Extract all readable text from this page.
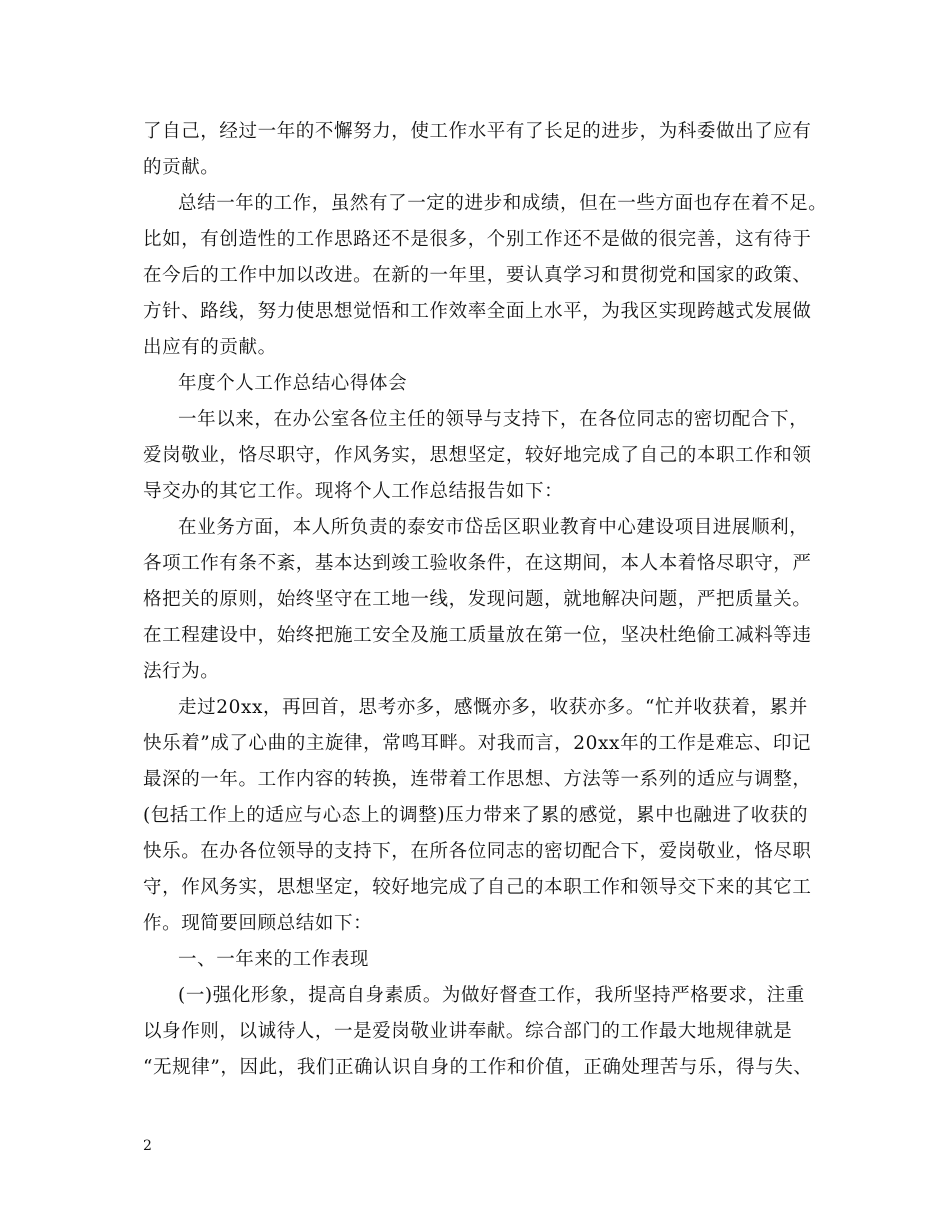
了自己，经过一年的不懈努力，使工作水平有了长足的进步，为科委做出了应有
的贡献。
总结一年的工作，虽然有了一定的进步和成绩，但在一些方面也存在着不足。
比如，有创造性的工作思路还不是很多，个别工作还不是做的很完善，这有待于
在今后的工作中加以改进。在新的一年里，要认真学习和贯彻党和国家的政策、
方针、路线，努力使思想觉悟和工作效率全面上水平，为我区实现跨越式发展做
出应有的贡献。
年度个人工作总结心得体会
一年以来，在办公室各位主任的领导与支持下，在各位同志的密切配合下，
爱岗敬业，恪尽职守，作风务实，思想坚定，较好地完成了自己的本职工作和领
导交办的其它工作。现将个人工作总结报告如下：
在业务方面，本人所负责的泰安市岱岳区职业教育中心建设项目进展顺利，
各项工作有条不紊，基本达到竣工验收条件，在这期间，本人本着恪尽职守，严
格把关的原则，始终坚守在工地一线，发现问题，就地解决问题，严把质量关。
在工程建设中，始终把施工安全及施工质量放在第一位，坚决杜绝偷工减料等违
法行为。
走过20xx，再回首，思考亦多，感慨亦多，收获亦多。“忙并收获着，累并
快乐着”成了心曲的主旋律，常鸣耳畔。对我而言，20xx年的工作是难忘、印记
最深的一年。工作内容的转换，连带着工作思想、方法等一系列的适应与调整，
(包括工作上的适应与心态上的调整)压力带来了累的感觉，累中也融进了收获的
快乐。在办各位领导的支持下，在所各位同志的密切配合下，爱岗敬业，恪尽职
守，作风务实，思想坚定，较好地完成了自己的本职工作和领导交下来的其它工
作。现简要回顾总结如下：
一、一年来的工作表现
(一)强化形象，提高自身素质。为做好督查工作，我所坚持严格要求，注重
以身作则，以诚待人，一是爱岗敬业讲奉献。综合部门的工作最大地规律就是
“无规律”，因此，我们正确认识自身的工作和价值，正确处理苦与乐，得与失、
2
